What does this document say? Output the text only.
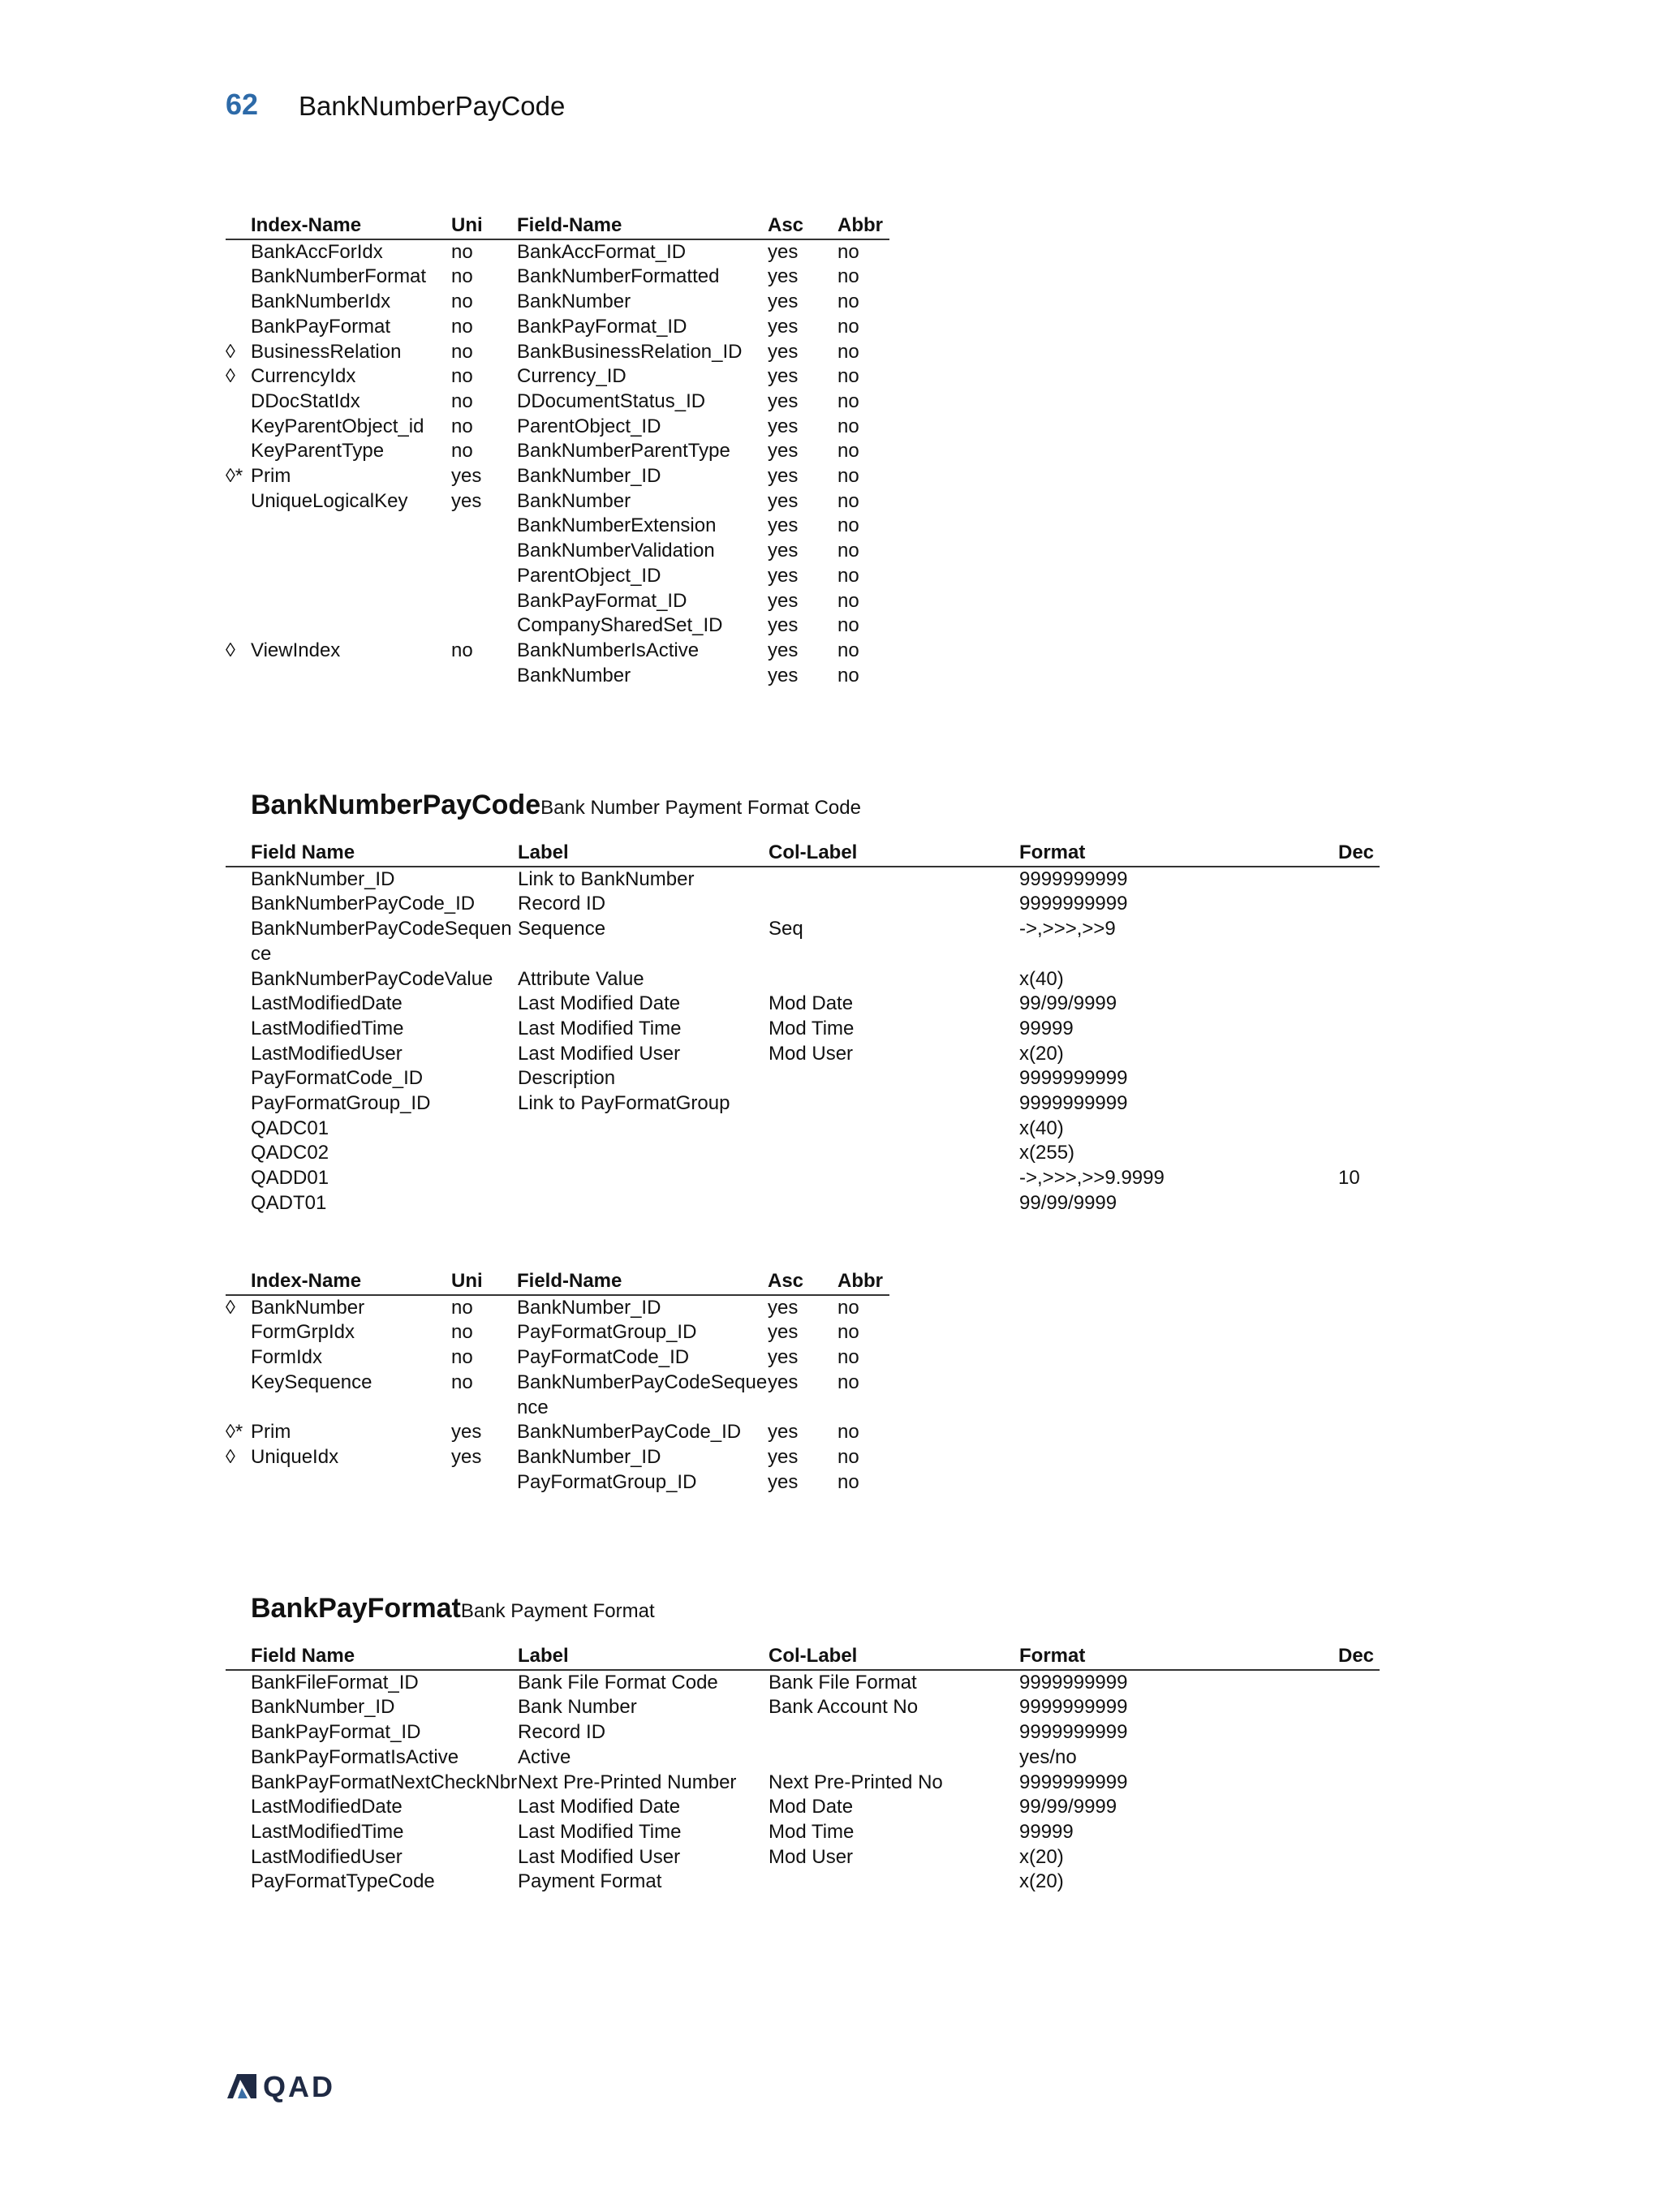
62 BankNumberPayCode
	Index-Name	Uni	Field-Name	Asc	Abbr
	BankAccForIdx	no	BankAccFormat_ID	yes	no
	BankNumberFormat	no	BankNumberFormatted	yes	no
	BankNumberIdx	no	BankNumber	yes	no
	BankPayFormat	no	BankPayFormat_ID	yes	no
◊	BusinessRelation	no	BankBusinessRelation_ID	yes	no
◊	CurrencyIdx	no	Currency_ID	yes	no
	DDocStatIdx	no	DDocumentStatus_ID	yes	no
	KeyParentObject_id	no	ParentObject_ID	yes	no
	KeyParentType	no	BankNumberParentType	yes	no
◊*	Prim	yes	BankNumber_ID	yes	no
	UniqueLogicalKey	yes	BankNumber	yes	no
			BankNumberExtension	yes	no
			BankNumberValidation	yes	no
			ParentObject_ID	yes	no
			BankPayFormat_ID	yes	no
			CompanySharedSet_ID	yes	no
◊	ViewIndex	no	BankNumberIsActive	yes	no
			BankNumber	yes	no
BankNumberPayCodeBank Number Payment Format Code
	Field Name	Label	Col-Label	Format	Dec
	BankNumber_ID	Link to BankNumber		9999999999	
	BankNumberPayCode_ID	Record ID		9999999999	
	BankNumberPayCodeSequence	Sequence	Seq	->,>>>,>>9	
	BankNumberPayCodeValue	Attribute Value		x(40)	
	LastModifiedDate	Last Modified Date	Mod Date	99/99/9999	
	LastModifiedTime	Last Modified Time	Mod Time	99999	
	LastModifiedUser	Last Modified User	Mod User	x(20)	
	PayFormatCode_ID	Description		9999999999	
	PayFormatGroup_ID	Link to PayFormatGroup		9999999999	
	QADC01			x(40)	
	QADC02			x(255)	
	QADD01			->,>>>,>>9.9999	10
	QADT01			99/99/9999	
	Index-Name	Uni	Field-Name	Asc	Abbr
◊	BankNumber	no	BankNumber_ID	yes	no
	FormGrpIdx	no	PayFormatGroup_ID	yes	no
	FormIdx	no	PayFormatCode_ID	yes	no
	KeySequence	no	BankNumberPayCodeSequence	yes	no
◊*	Prim	yes	BankNumberPayCode_ID	yes	no
◊	UniqueIdx	yes	BankNumber_ID	yes	no
			PayFormatGroup_ID	yes	no
BankPayFormatBank Payment Format
	Field Name	Label	Col-Label	Format	Dec
	BankFileFormat_ID	Bank File Format Code	Bank File Format	9999999999	
	BankNumber_ID	Bank Number	Bank Account No	9999999999	
	BankPayFormat_ID	Record ID		9999999999	
	BankPayFormatIsActive	Active		yes/no	
	BankPayFormatNextCheckNbr	Next Pre-Printed Number	Next Pre-Printed No	9999999999	
	LastModifiedDate	Last Modified Date	Mod Date	99/99/9999	
	LastModifiedTime	Last Modified Time	Mod Time	99999	
	LastModifiedUser	Last Modified User	Mod User	x(20)	
	PayFormatTypeCode	Payment Format		x(20)	
QAD
